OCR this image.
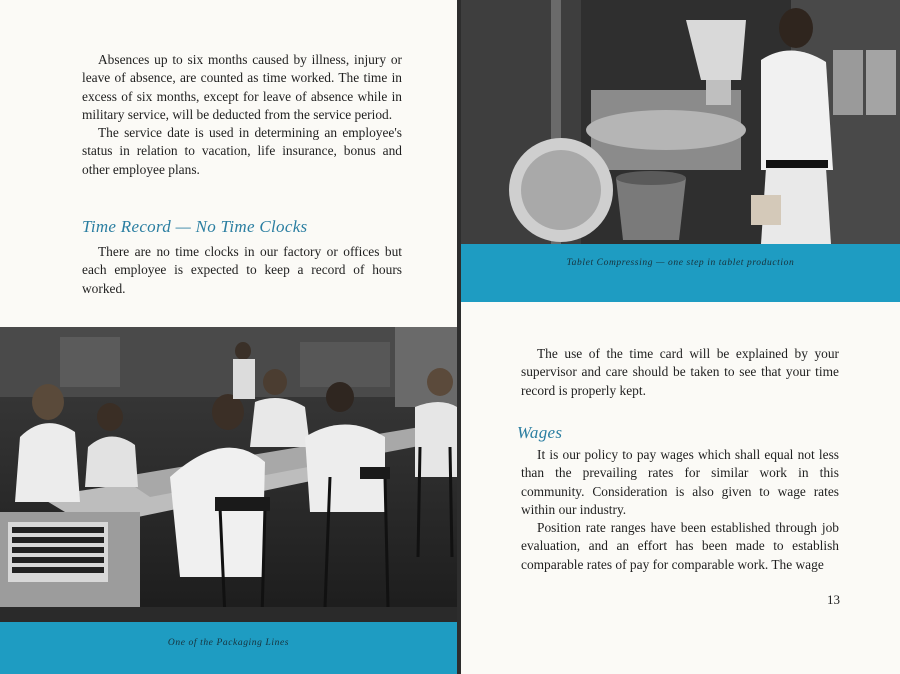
Absences up to six months caused by illness, injury or leave of absence, are counted as time worked. The time in excess of six months, except for leave of absence while in military service, will be deducted from the service period.

The service date is used in determining an employee's status in relation to vacation, life insurance, bonus and other employee plans.

Time Record — No Time Clocks

There are no time clocks in our factory or offices but each employee is expected to keep a record of hours worked.

One of the Packaging Lines
Tablet Compressing — one step in tablet production

The use of the time card will be explained by your supervisor and care should be taken to see that your time record is properly kept.

Wages

It is our policy to pay wages which shall equal not less than the prevailing rates for similar work in this community. Consideration is also given to wage rates within our industry.

Position rate ranges have been established through job evaluation, and an effort has been made to establish comparable rates of pay for comparable work. The wage

13
